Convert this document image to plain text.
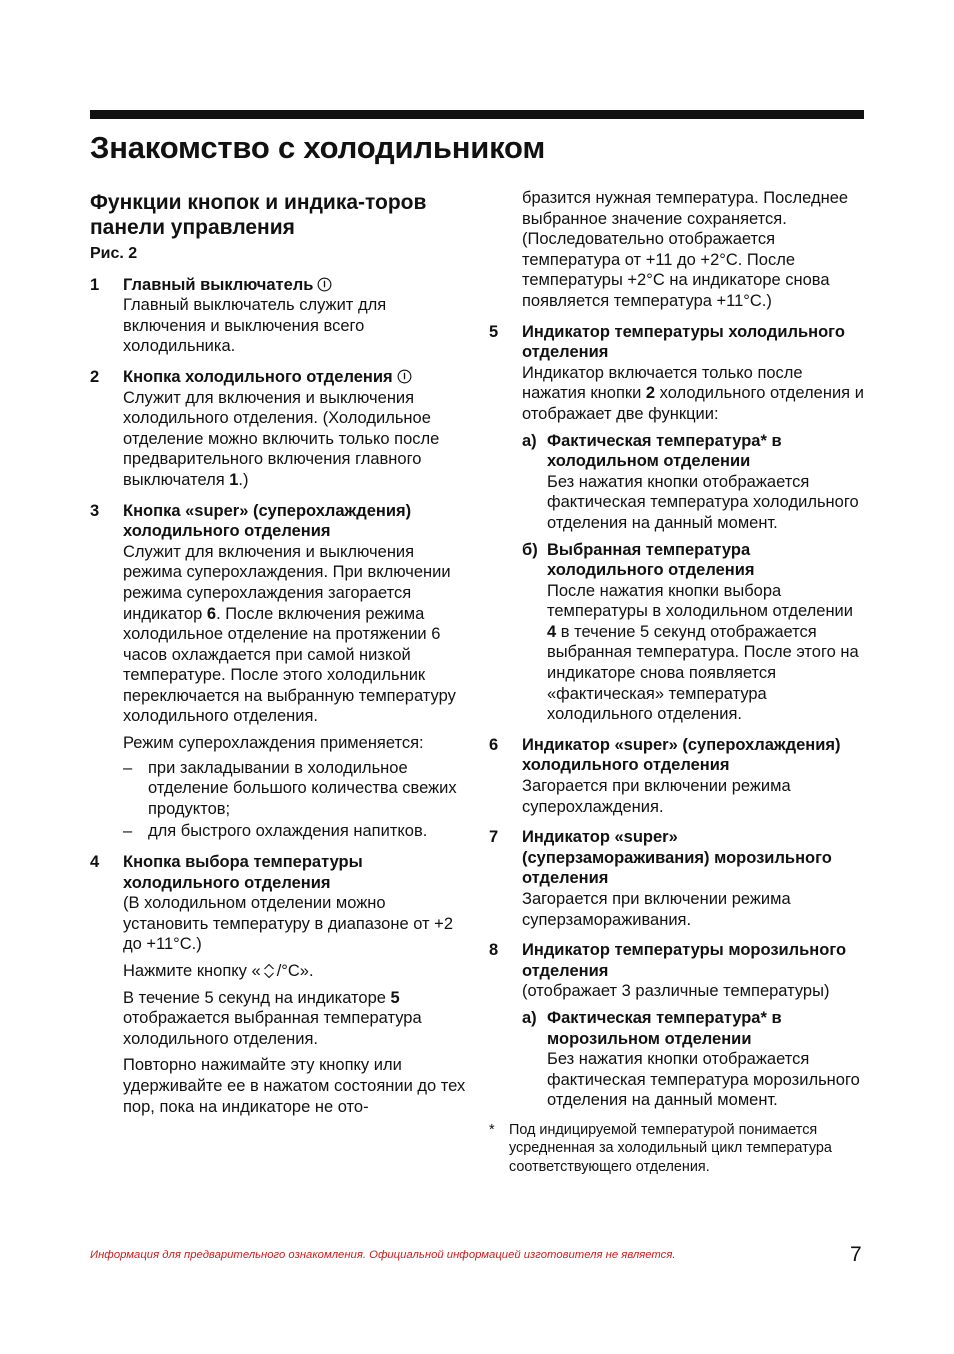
Знакомство с холодильником
Функции кнопок и индика-торов панели управления
Рис. 2
1 Главный выключатель

Главный выключатель служит для включения и выключения всего холодильника.

2 Кнопка холодильного отделения

Служит для включения и выключения холодильного отделения. (Холодильное отделение можно включить только после предварительного включения главного выключателя 1.)

3 Кнопка «super» (суперохлаждения) холодильного отделения

Служит для включения и выключения режима суперохлаждения. При включении режима суперохлаждения загорается индикатор 6. После включения режима холодильное отделение на протяжении 6 часов охлаждается при самой низкой температуре. После этого холодильник переключается на выбранную температуру холодильного отделения.

Режим суперохлаждения применяется:

– при закладывании в холодильное отделение большого количества свежих продуктов;
– для быстрого охлаждения напитков.
4 Кнопка выбора температуры холодильного отделения

(В холодильном отделении можно установить температуру в диапазоне от +2 до +11°C.)

Нажмите кнопку « /°C».

В течение 5 секунд на индикаторе 5 отображается выбранная температура холодильного отделения.

Повторно нажимайте эту кнопку или удерживайте ее в нажатом состоянии до тех пор, пока на индикаторе не ото-

бразится нужная температура. Последнее выбранное значение сохраняется. (Последовательно отображается температура от +11 до +2°C. После температуры +2°C на индикаторе снова появляется температура +11°C.)

5 Индикатор температуры холодильного отделения

Индикатор включается только после нажатия кнопки 2 холодильного отделения и отображает две функции:

а) Фактическая температура* в холодильном отделении

Без нажатия кнопки отображается фактическая температура холодильного отделения на данный момент.

б) Выбранная температура холодильного отделения

После нажатия кнопки выбора температуры в холодильном отделении 4 в течение 5 секунд отображается выбранная температура. После этого на индикаторе снова появляется «фактическая» температура холодильного отделения.

6 Индикатор «super» (суперохлаждения) холодильного отделения

Загорается при включении режима суперохлаждения.

7 Индикатор «super» (суперзамораживания) морозильного отделения

Загорается при включении режима суперзамораживания.

8 Индикатор температуры морозильного отделения

(отображает 3 различные температуры)

а) Фактическая температура* в морозильном отделении

Без нажатия кнопки отображается фактическая температура морозильного отделения на данный момент.

* Под индицируемой температурой понимается усредненная за холодильный цикл температура соответствующего отделения.
Информация для предварительного ознакомления. Официальной информацией изготовителя не является.	7
